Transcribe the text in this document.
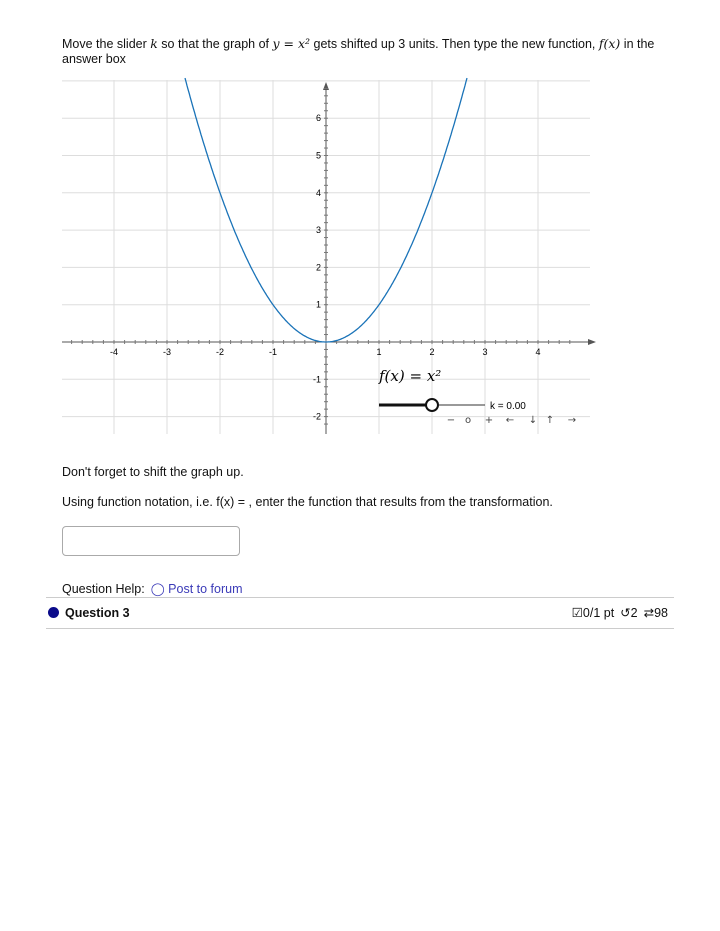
Move the slider k so that the graph of y = x² gets shifted up 3 units. Then type the new function, f(x) in the answer box
-4	-3	-2	-1	1	2	3	4
-2
-1
1
2
3
4
5
6
f(x) = x²
k = 0.00
− o + ← ↓ ↑ →
Don't forget to shift the graph up.
Using function notation, i.e. f(x) = , enter the function that results from the transformation.
Question Help: ◯ Post to forum
Question 3	☑0/1 pt ↺2 ⇄98
